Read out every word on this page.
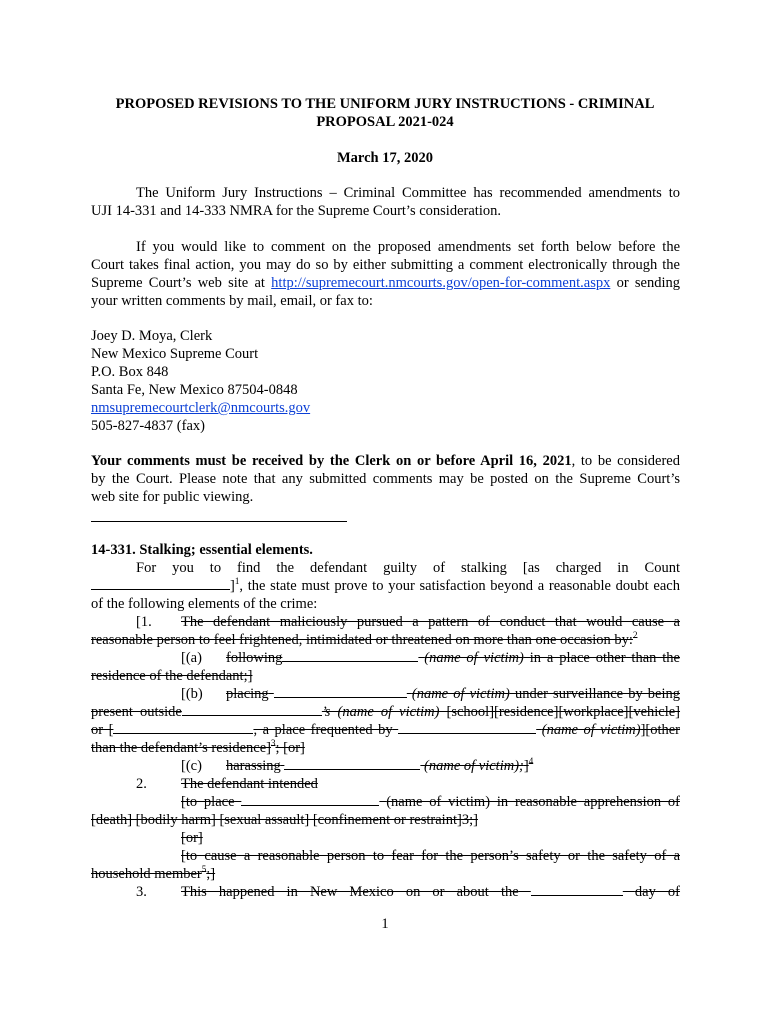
PROPOSED REVISIONS TO THE UNIFORM JURY INSTRUCTIONS - CRIMINAL
PROPOSAL 2021-024
March 17, 2020
The Uniform Jury Instructions – Criminal Committee has recommended amendments to
UJI 14-331 and 14-333 NMRA for the Supreme Court’s consideration.
If you would like to comment on the proposed amendments set forth below before the
Court takes final action, you may do so by either submitting a comment electronically through the
Supreme Court’s web site at http://supremecourt.nmcourts.gov/open-for-comment.aspx or sending
your written comments by mail, email, or fax to:
Joey D. Moya, Clerk
New Mexico Supreme Court
P.O. Box 848
Santa Fe, New Mexico 87504-0848
nmsupremecourtclerk@nmcourts.gov
505-827-4837 (fax)
Your comments must be received by the Clerk on or before April 16, 2021, to be considered
by the Court. Please note that any submitted comments may be posted on the Supreme Court’s
web site for public viewing.
14-331. Stalking; essential elements.
For you to find the defendant guilty of stalking [as charged in Count
]$^1$, the state must prove to your satisfaction beyond a reasonable doubt each
of the following elements of the crime:
[1. The defendant maliciously pursued a pattern of conduct that would cause a
reasonable person to feel frightened, intimidated or threatened on more than one occasion by:$^2$
[(a) following	(name of victim) in a place other than the
residence of the defendant;]
[(b) placing	(name of victim) under surveillance by being
present outside	’s (name of victim) [school][residence][workplace][vehicle]
or [	, a place frequented by	(name of victim)][other
than the defendant’s residence]$^3$; [or]
[(c) harassing	(name of victim);]$^4$
2. The defendant intended
[to place	(name of victim) in reasonable apprehension of
[death] [bodily harm] [sexual assault] [confinement or restraint]3;]
[or]
[to cause a reasonable person to fear for the person’s safety or the safety of a
household member$^5$;]
3. This happened in New Mexico on or about the	day of
1
